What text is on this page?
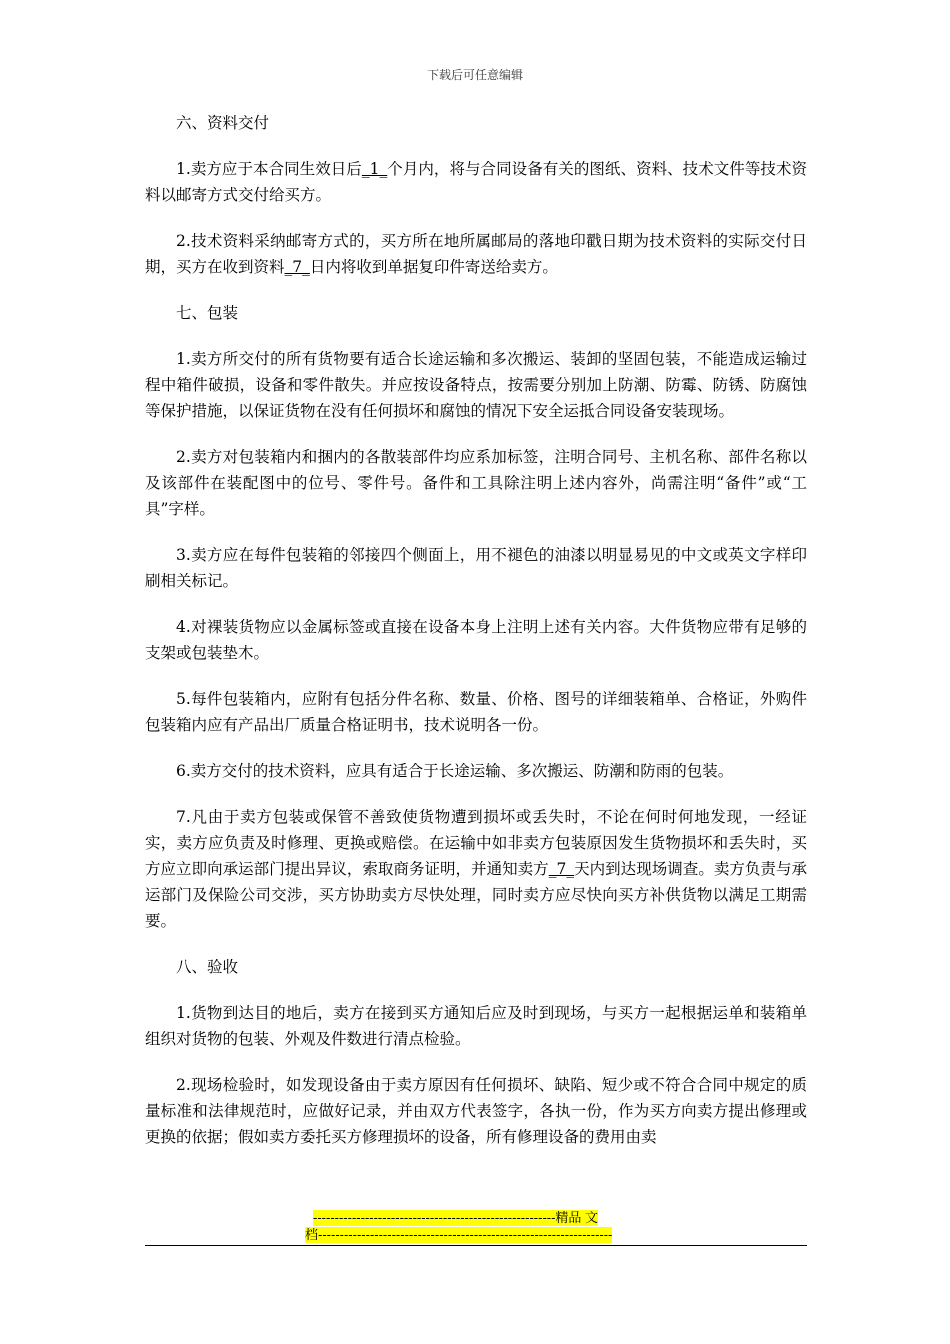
下载后可任意编辑

六、资料交付

1.卖方应于本合同生效日后_1_个月内，将与合同设备有关的图纸、资料、技术文件等技术资料以邮寄方式交付给买方。

2.技术资料采纳邮寄方式的，买方所在地所属邮局的落地印戳日期为技术资料的实际交付日期，买方在收到资料_7_日内将收到单据复印件寄送给卖方。

七、包装

1.卖方所交付的所有货物要有适合长途运输和多次搬运、装卸的坚固包装，不能造成运输过程中箱件破损，设备和零件散失。并应按设备特点，按需要分别加上防潮、防霉、防锈、防腐蚀等保护措施，以保证货物在没有任何损坏和腐蚀的情况下安全运抵合同设备安装现场。

2.卖方对包装箱内和捆内的各散装部件均应系加标签，注明合同号、主机名称、部件名称以及该部件在装配图中的位号、零件号。备件和工具除注明上述内容外，尚需注明“备件”或“工具”字样。

3.卖方应在每件包装箱的邻接四个侧面上，用不褪色的油漆以明显易见的中文或英文字样印刷相关标记。

4.对裸装货物应以金属标签或直接在设备本身上注明上述有关内容。大件货物应带有足够的支架或包装垫木。

5.每件包装箱内，应附有包括分件名称、数量、价格、图号的详细装箱单、合格证，外购件包装箱内应有产品出厂质量合格证明书，技术说明各一份。

6.卖方交付的技术资料，应具有适合于长途运输、多次搬运、防潮和防雨的包装。

7.凡由于卖方包装或保管不善致使货物遭到损坏或丢失时，不论在何时何地发现，一经证实，卖方应负责及时修理、更换或赔偿。在运输中如非卖方包装原因发生货物损坏和丢失时，买方应立即向承运部门提出异议，索取商务证明，并通知卖方_7_天内到达现场调查。卖方负责与承运部门及保险公司交涉，买方协助卖方尽快处理，同时卖方应尽快向买方补供货物以满足工期需要。

八、验收

1.货物到达目的地后，卖方在接到买方通知后应及时到现场，与买方一起根据运单和装箱单组织对货物的包装、外观及件数进行清点检验。

2.现场检验时，如发现设备由于卖方原因有任何损坏、缺陷、短少或不符合合同中规定的质量标准和法律规范时，应做好记录，并由双方代表签字，各执一份，作为买方向卖方提出修理或更换的依据；假如卖方委托买方修理损坏的设备，所有修理设备的费用由卖

--------------------------------------------------------精品 文
档--------------------------------------------------------------------
